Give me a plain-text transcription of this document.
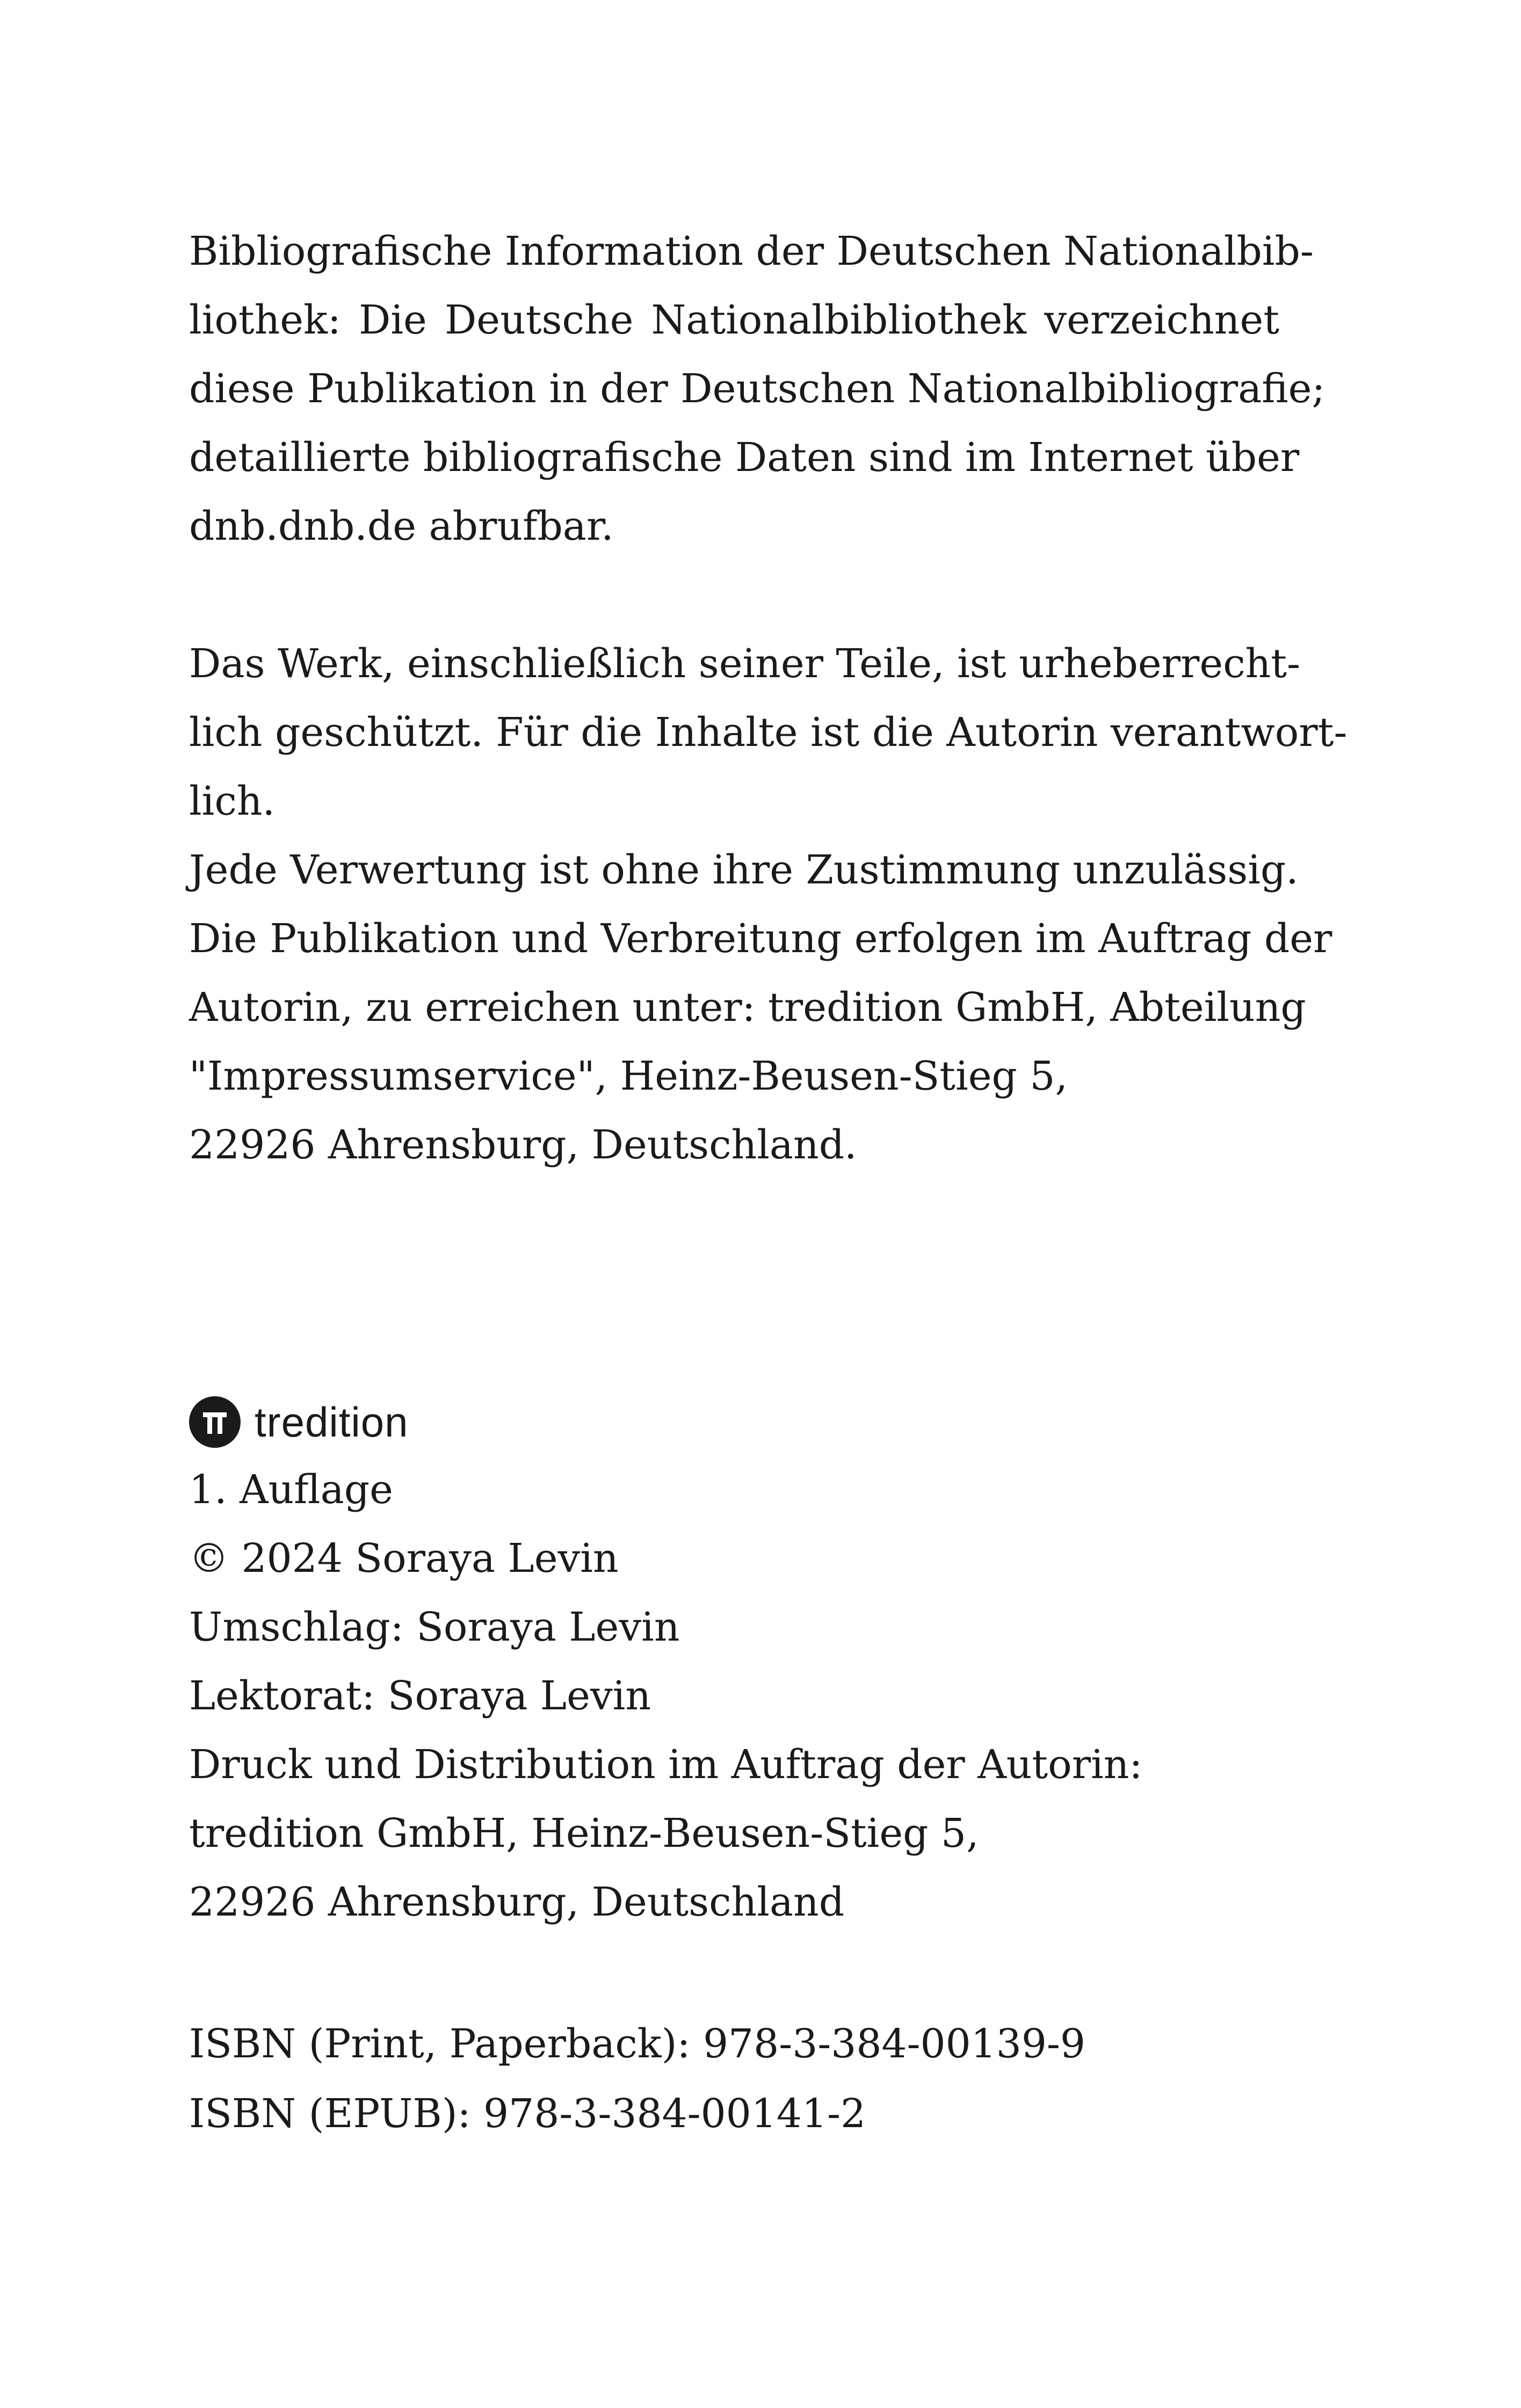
Bibliografische Information der Deutschen Nationalbib-
liothek: Die Deutsche Nationalbibliothek verzeichnet
diese Publikation in der Deutschen Nationalbibliografie;
detaillierte bibliografische Daten sind im Internet über
dnb.dnb.de abrufbar.
Das Werk, einschließlich seiner Teile, ist urheberrecht-
lich geschützt. Für die Inhalte ist die Autorin verantwort-
lich.
Jede Verwertung ist ohne ihre Zustimmung unzulässig.
Die Publikation und Verbreitung erfolgen im Auftrag der
Autorin, zu erreichen unter: tredition GmbH, Abteilung
"Impressumservice", Heinz-Beusen-Stieg 5,
22926 Ahrensburg, Deutschland.
tredition
1. Auflage
© 2024 Soraya Levin
Umschlag: Soraya Levin
Lektorat: Soraya Levin
Druck und Distribution im Auftrag der Autorin:
tredition GmbH, Heinz-Beusen-Stieg 5,
22926 Ahrensburg, Deutschland
ISBN (Print, Paperback): 978-3-384-00139-9
ISBN (EPUB): 978-3-384-00141-2
